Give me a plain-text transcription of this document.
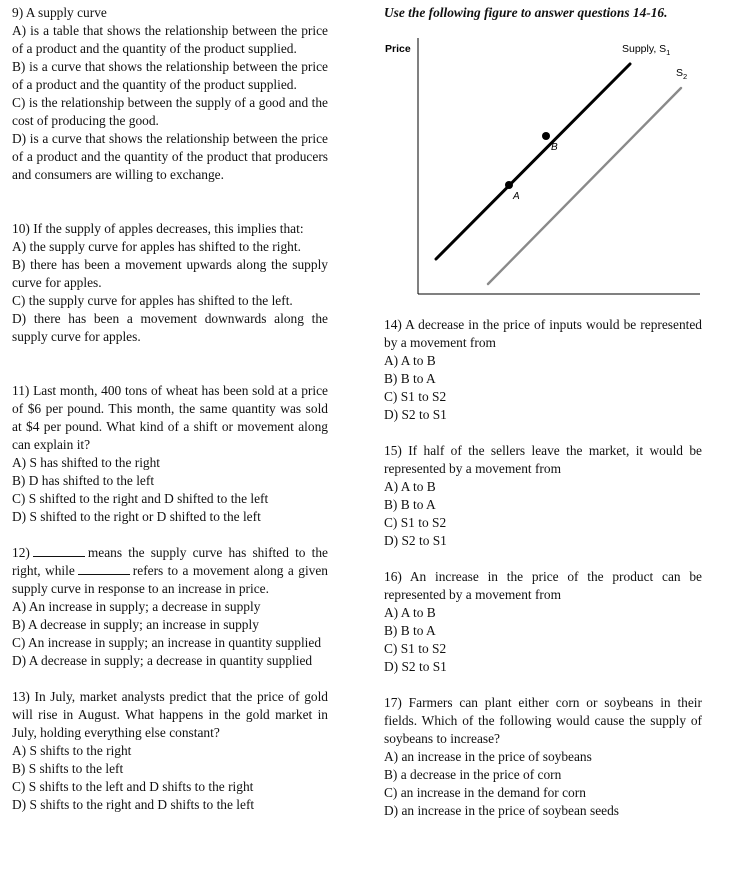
9) A supply curve

A) is a table that shows the relationship between the price of a product and the quantity of the product supplied.

B) is a curve that shows the relationship between the price of a product and the quantity of the product supplied.

C) is the relationship between the supply of a good and the cost of producing the good.

D) is a curve that shows the relationship between the price of a product and the quantity of the product that producers and consumers are willing to exchange.

10) If the supply of apples decreases, this implies that:

A) the supply curve for apples has shifted to the right.

B) there has been a movement upwards along the supply curve for apples.

C) the supply curve for apples has shifted to the left.

D) there has been a movement downwards along the supply curve for apples.

11) Last month, 400 tons of wheat has been sold at a price of $6 per pound. This month, the same quantity was sold at $4 per pound. What kind of a shift or movement along can explain it?

A) S has shifted to the right

B) D has shifted to the left

C) S shifted to the right and D shifted to the left

D) S shifted to the right or D shifted to the left

12)	means the supply curve has shifted to the right, while	refers to a movement along a given supply curve in response to an increase in price.

A) An increase in supply; a decrease in supply

B) A decrease in supply; an increase in supply

C) An increase in supply; an increase in quantity supplied

D) A decrease in supply; a decrease in quantity supplied

13) In July, market analysts predict that the price of gold will rise in August. What happens in the gold market in July, holding everything else constant?

A) S shifts to the right

B) S shifts to the left

C) S shifts to the left and D shifts to the right

D) S shifts to the right and D shifts to the left

Use the following figure to answer questions 14-16.

Price
A
B
Supply, $S_1$
$S_2$

14) A decrease in the price of inputs would be represented by a movement from

A) A to B

B) B to A

C) S1 to S2

D) S2 to S1

15) If half of the sellers leave the market, it would be represented by a movement from

A) A to B

B) B to A

C) S1 to S2

D) S2 to S1

16) An increase in the price of the product can be represented by a movement from

A) A to B

B) B to A

C) S1 to S2

D) S2 to S1

17) Farmers can plant either corn or soybeans in their fields. Which of the following would cause the supply of soybeans to increase?

A) an increase in the price of soybeans

B) a decrease in the price of corn

C) an increase in the demand for corn

D) an increase in the price of soybean seeds
